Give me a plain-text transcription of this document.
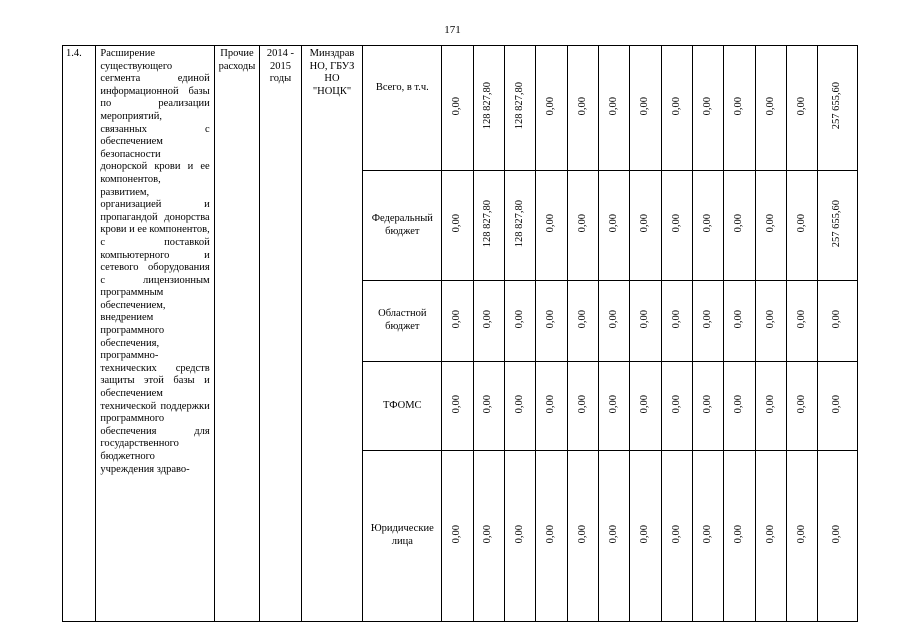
171
1.4.	Расширение существующего сегмента единой информационной базы по реализации мероприятий, связанных с обеспечением безопасности донорской крови и ее компонентов, развитием, организацией и пропагандой донорства крови и ее компонентов, с поставкой компьютерного и сетевого оборудования с лицензионным программным обеспечением, внедрением программного обеспечения, программно-технических средств защиты этой базы и обеспечением технической поддержки программного обеспечения для государственного бюджетного учреждения здраво-	Прочие расходы	2014 - 2015 годы	Минздрав НО, ГБУЗ НО "НОЦК"	Всего, в т.ч.	0,00	128 827,80	128 827,80	0,00	0,00	0,00	0,00	0,00	0,00	0,00	0,00	0,00	257 655,60
					Федеральный бюджет	0,00	128 827,80	128 827,80	0,00	0,00	0,00	0,00	0,00	0,00	0,00	0,00	0,00	257 655,60
					Областной бюджет	0,00	0,00	0,00	0,00	0,00	0,00	0,00	0,00	0,00	0,00	0,00	0,00	0,00
					ТФОМС	0,00	0,00	0,00	0,00	0,00	0,00	0,00	0,00	0,00	0,00	0,00	0,00	0,00
					Юридические лица	0,00	0,00	0,00	0,00	0,00	0,00	0,00	0,00	0,00	0,00	0,00	0,00	0,00
